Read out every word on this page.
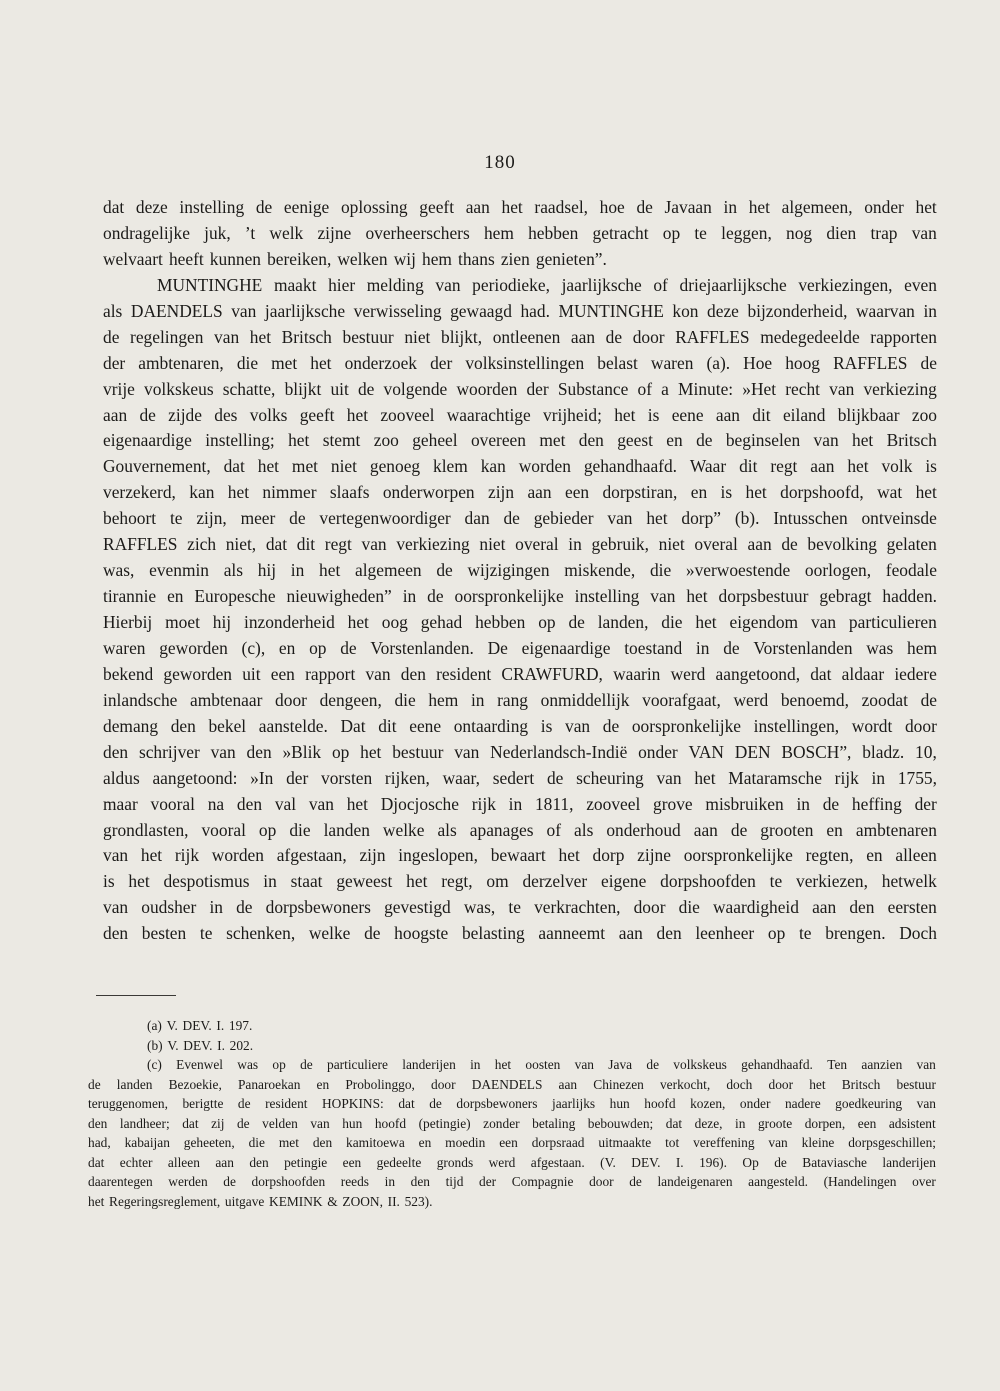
180
dat deze instelling de eenige oplossing geeft aan het raadsel, hoe de Javaan in het algemeen, onder het
ondragelijke juk, ’t welk zijne overheerschers hem hebben getracht op te leggen, nog dien trap van
welvaart heeft kunnen bereiken, welken wij hem thans zien genieten”.
MUNTINGHE maakt hier melding van periodieke, jaarlijksche of driejaarlijksche verkiezingen, even
als DAENDELS van jaarlijksche verwisseling gewaagd had. MUNTINGHE kon deze bijzonderheid, waarvan in
de regelingen van het Britsch bestuur niet blijkt, ontleenen aan de door RAFFLES medegedeelde rapporten
der ambtenaren, die met het onderzoek der volksinstellingen belast waren (a). Hoe hoog RAFFLES de
vrije volkskeus schatte, blijkt uit de volgende woorden der Substance of a Minute: »Het recht van verkiezing
aan de zijde des volks geeft het zooveel waarachtige vrijheid; het is eene aan dit eiland blijkbaar zoo
eigenaardige instelling; het stemt zoo geheel overeen met den geest en de beginselen van het Britsch
Gouvernement, dat het met niet genoeg klem kan worden gehandhaafd. Waar dit regt aan het volk is
verzekerd, kan het nimmer slaafs onderworpen zijn aan een dorpstiran, en is het dorpshoofd, wat het
behoort te zijn, meer de vertegenwoordiger dan de gebieder van het dorp” (b). Intusschen ontveinsde
RAFFLES zich niet, dat dit regt van verkiezing niet overal in gebruik, niet overal aan de bevolking gelaten
was, evenmin als hij in het algemeen de wijzigingen miskende, die »verwoestende oorlogen, feodale
tirannie en Europesche nieuwigheden” in de oorspronkelijke instelling van het dorpsbestuur gebragt hadden.
Hierbij moet hij inzonderheid het oog gehad hebben op de landen, die het eigendom van particulieren
waren geworden (c), en op de Vorstenlanden. De eigenaardige toestand in de Vorstenlanden was hem
bekend geworden uit een rapport van den resident CRAWFURD, waarin werd aangetoond, dat aldaar iedere
inlandsche ambtenaar door dengeen, die hem in rang onmiddellijk voorafgaat, werd benoemd, zoodat de
demang den bekel aanstelde. Dat dit eene ontaarding is van de oorspronkelijke instellingen, wordt door
den schrijver van den »Blik op het bestuur van Nederlandsch-Indië onder VAN DEN BOSCH”, bladz. 10,
aldus aangetoond: »In der vorsten rijken, waar, sedert de scheuring van het Mataramsche rijk in 1755,
maar vooral na den val van het Djocjosche rijk in 1811, zooveel grove misbruiken in de heffing der
grondlasten, vooral op die landen welke als apanages of als onderhoud aan de grooten en ambtenaren
van het rijk worden afgestaan, zijn ingeslopen, bewaart het dorp zijne oorspronkelijke regten, en alleen
is het despotismus in staat geweest het regt, om derzelver eigene dorpshoofden te verkiezen, hetwelk
van oudsher in de dorpsbewoners gevestigd was, te verkrachten, door die waardigheid aan den eersten
den besten te schenken, welke de hoogste belasting aanneemt aan den leenheer op te brengen. Doch
(a) V. DEV. I. 197.
(b) V. DEV. I. 202.
(c) Evenwel was op de particuliere landerijen in het oosten van Java de volkskeus gehandhaafd. Ten aanzien van
de landen Bezoekie, Panaroekan en Probolinggo, door DAENDELS aan Chinezen verkocht, doch door het Britsch bestuur
teruggenomen, berigtte de resident HOPKINS: dat de dorpsbewoners jaarlijks hun hoofd kozen, onder nadere goedkeuring van
den landheer; dat zij de velden van hun hoofd (petingie) zonder betaling bebouwden; dat deze, in groote dorpen, een adsistent
had, kabaijan geheeten, die met den kamitoewa en moedin een dorpsraad uitmaakte tot vereffening van kleine dorpsgeschillen;
dat echter alleen aan den petingie een gedeelte gronds werd afgestaan. (V. DEV. I. 196). Op de Bataviasche landerijen
daarentegen werden de dorpshoofden reeds in den tijd der Compagnie door de landeigenaren aangesteld. (Handelingen over
het Regeringsreglement, uitgave KEMINK & ZOON, II. 523).
